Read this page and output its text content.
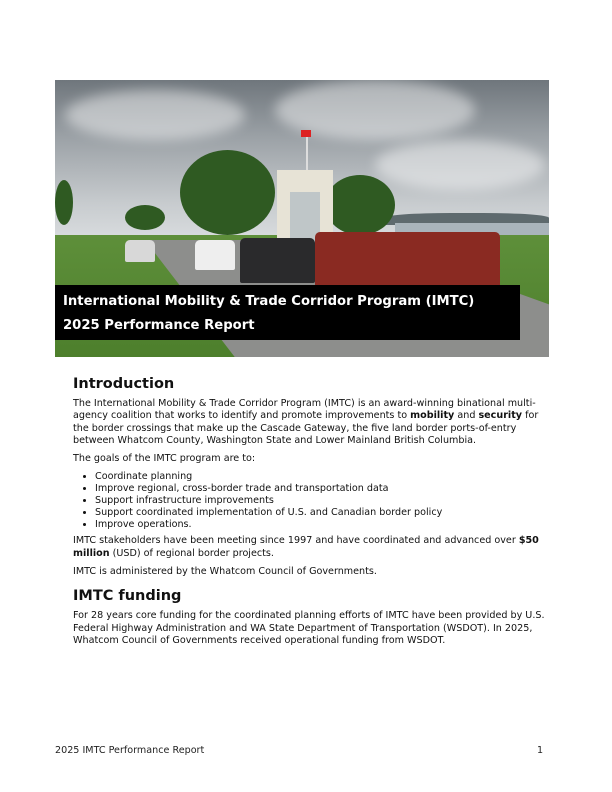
International Mobility & Trade Corridor Program (IMTC)
2025 Performance Report
Introduction

The International Mobility & Trade Corridor Program (IMTC) is an award-winning binational multi-agency coalition that works to identify and promote improvements to mobility and security for the border crossings that make up the Cascade Gateway, the five land border ports-of-entry between Whatcom County, Washington State and Lower Mainland British Columbia.

The goals of the IMTC program are to:

• Coordinate planning
• Improve regional, cross-border trade and transportation data
• Support infrastructure improvements
• Support coordinated implementation of U.S. and Canadian border policy
• Improve operations.

IMTC stakeholders have been meeting since 1997 and have coordinated and advanced over $50 million (USD) of regional border projects.

IMTC is administered by the Whatcom Council of Governments.

IMTC funding

For 28 years core funding for the coordinated planning efforts of IMTC have been provided by U.S. Federal Highway Administration and WA State Department of Transportation (WSDOT). In 2025, Whatcom Council of Governments received operational funding from WSDOT.

2025 IMTC Performance Report	1
